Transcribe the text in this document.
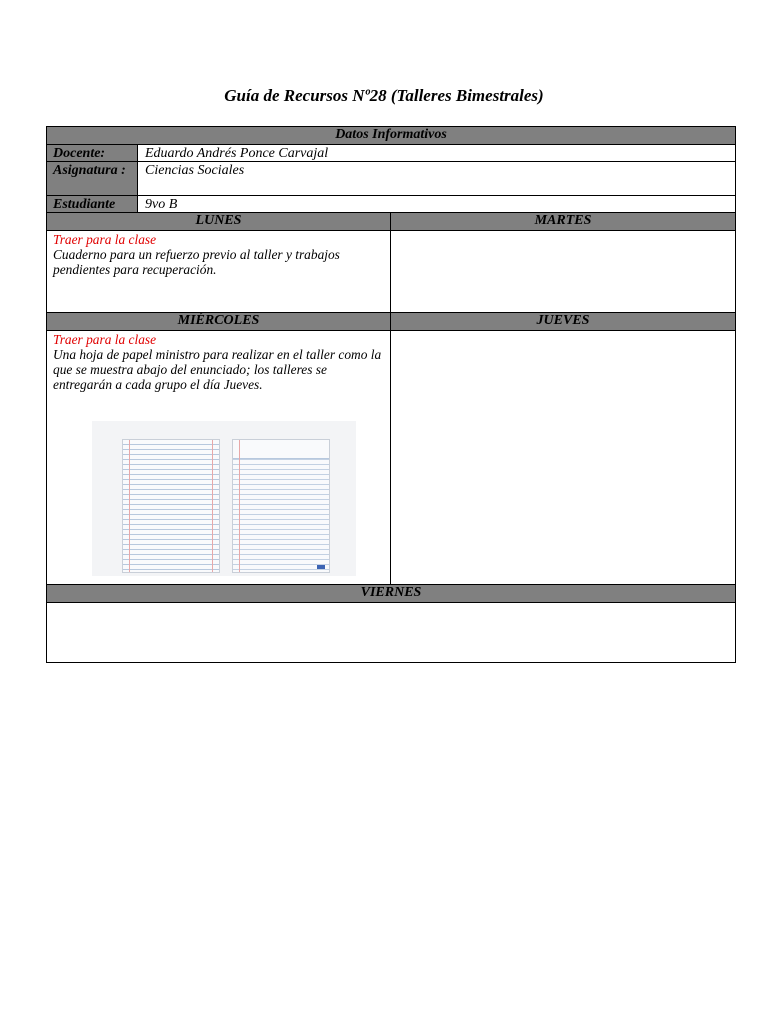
Guía de Recursos Nº28 (Talleres Bimestrales)
Datos Informativos
Docente:	Eduardo Andrés Ponce Carvajal
Asignatura :	Ciencias Sociales
Estudiante	9vo B
LUNES	MARTES
Traer para la clase
Cuaderno para un refuerzo previo al taller y trabajos pendientes para recuperación.
MIÉRCOLES	JUEVES
Traer para la clase
Una hoja de papel ministro para realizar en el taller como la que se muestra abajo del enunciado; los talleres se entregarán a cada grupo el día Jueves.
VIERNES
